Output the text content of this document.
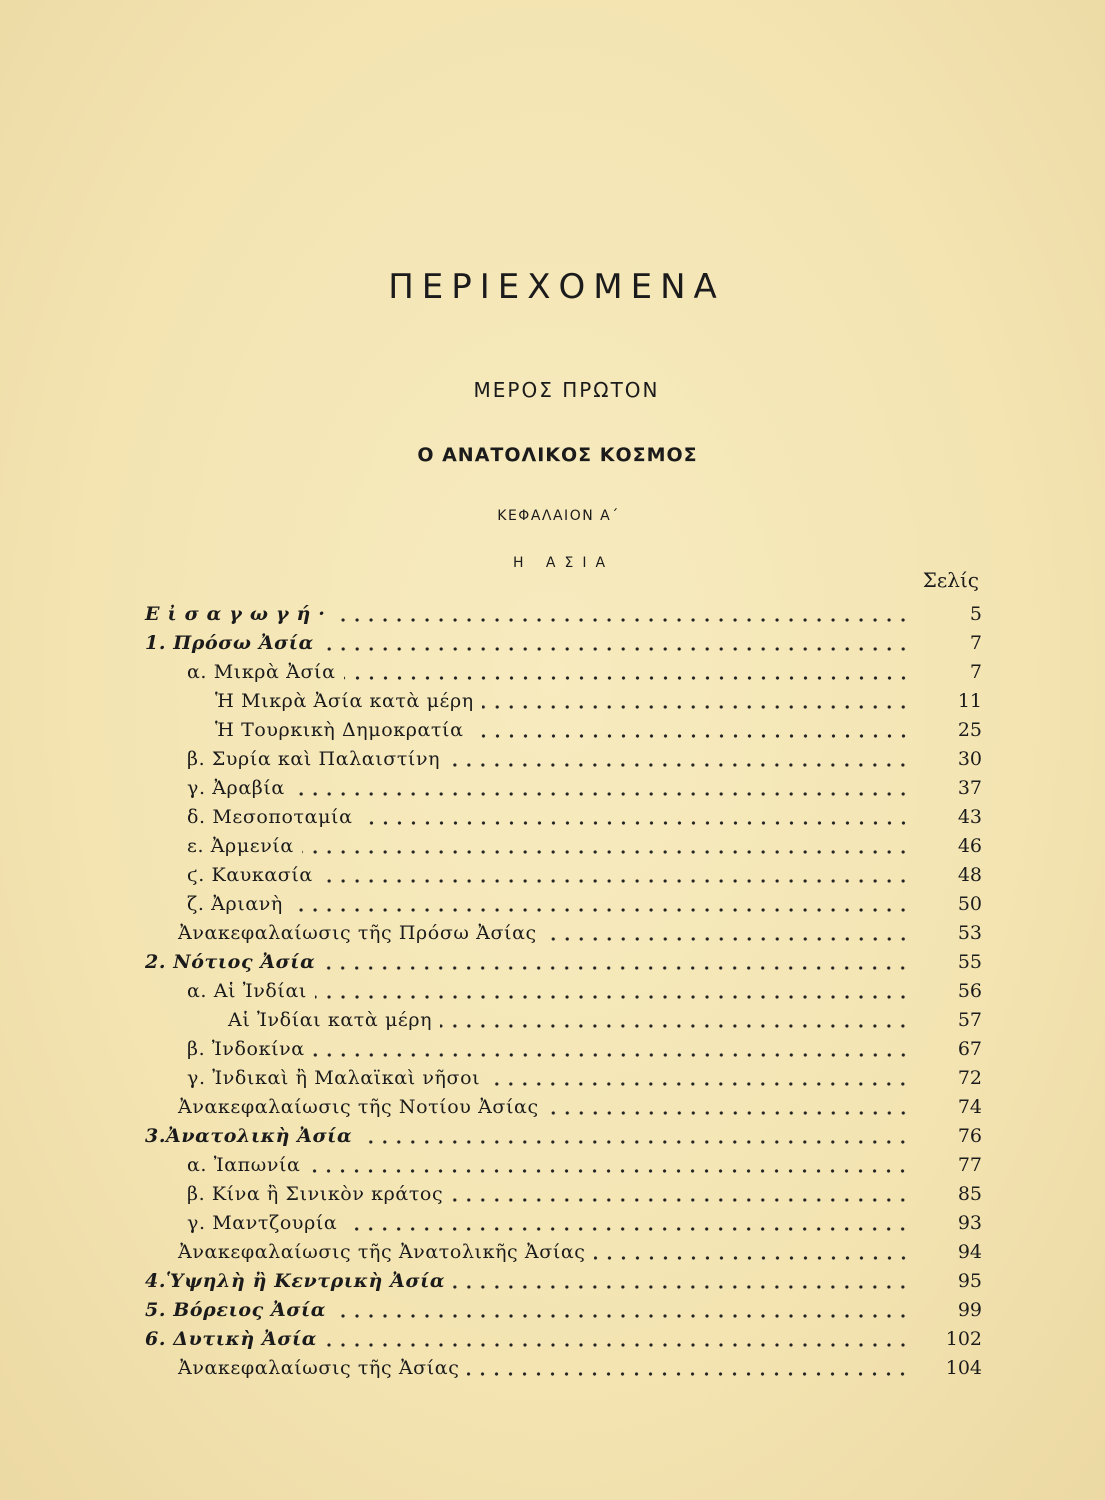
ΠΕΡΙΕΧΟΜΕΝΑ
ΜΕΡΟΣ ΠΡΩΤΟΝ
Ο ΑΝΑΤΟΛΙΚΟΣ ΚΟΣΜΟΣ
ΚΕΦΑΛΑΙΟΝ Α΄
Η ΑΣΙΑ
Σελίς
Εἰσαγωγή·	5
1. Πρόσω Ἀσία	7
α. Μικρὰ Ἀσία	7
Ἡ Μικρὰ Ἀσία κατὰ μέρη	11
Ἡ Τουρκικὴ Δημοκρατία	25
β. Συρία καὶ Παλαιστίνη	30
γ. Ἀραβία	37
δ. Μεσοποταμία	43
ε. Ἀρμενία	46
ϛ. Καυκασία	48
ζ. Ἀριανὴ	50
Ἀνακεφαλαίωσις τῆς Πρόσω Ἀσίας	53
2. Νότιος Ἀσία	55
α. Αἱ Ἰνδίαι	56
Αἱ Ἰνδίαι κατὰ μέρη	57
β. Ἰνδοκίνα	67
γ. Ἰνδικαὶ ἢ Μαλαϊκαὶ νῆσοι	72
Ἀνακεφαλαίωσις τῆς Νοτίου Ἀσίας	74
3.Ἀνατολικὴ Ἀσία	76
α. Ἰαπωνία	77
β. Κίνα ἢ Σινικὸν κράτος	85
γ. Μαντζουρία	93
Ἀνακεφαλαίωσις τῆς Ἀνατολικῆς Ἀσίας	94
4.Ὑψηλὴ ἢ Κεντρικὴ Ἀσία	95
5. Βόρειος Ἀσία	99
6. Δυτικὴ Ἀσία	102
Ἀνακεφαλαίωσις τῆς Ἀσίας	104
